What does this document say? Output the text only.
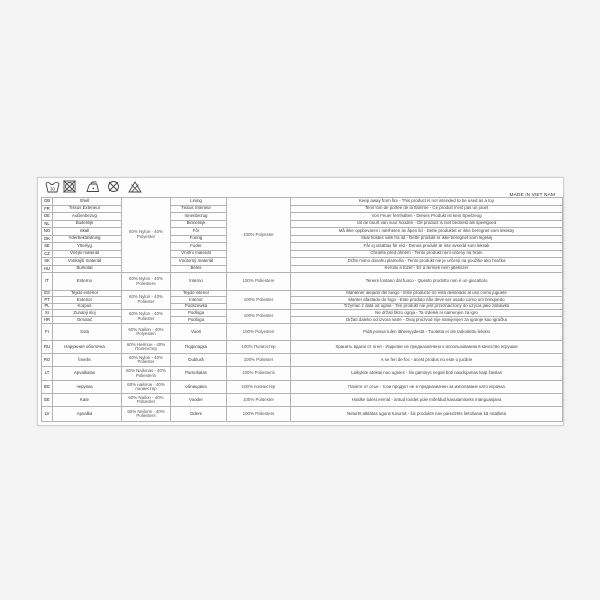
30
MADE IN VIET NAM
GB	Shell	60% Nylon - 40% Polyester	Lining	100% Polyester	Keep away from fire - This product is not intended to be used as a toy
FR	Tissus Exterieur		Tissus Interieur		Tenir loin de portée de la flamme - Ce produit n'est pas un jouet
DE	Außenbezug		Innenbezug		Von Feuer fernhalten - Dieses Produkt ist kein Spielzeug
NL	Buitenlijk		Binnenlijk		Uit de buurt van vuur houden - Dit product is niet bedoeld als speelgoed
NO	Skall		Fôr		Må ikke oppbevares i nærheten av åpen ild - Dette produktet er ikke beregnet som leketøy
DK	Yderbeklædning		Foring		Skal holdes væk fra ild - Dette produkt er ikke beregnet som legetøj
SE	Ytterlyg		Foder		Får ej utsättas för eld - Denna produkt är inte avsedd som leksak
CZ	Vnější materiál		Vnitřní materiál		Chraňte před ohněm - Tento produkt není určený na hraní
SK	Vonkajší materiál		Vnútorný materiál		Držte mimo dosahu plameňa - Tento produkt nie je určený na použitie ako hračka
HU	Burkolat		Bélés		Kerülni a tüzet - Ez a termék nem játékszer
IT	Esterno	60% Nylon - 40% Poliestere	Interno	100% Poliestere	Tenere lontano dal fuoco - Questo prodotto non è un giocattolo
ES	Tejido exterior	60% Nylon - 40% Poliester	Tejido interior	100% Poliester	Mantener alejado del fuego - Este producto no está destinado al uso como juguete
PT	Exterior		Interior		Manter afastado do fogo - Este produto não deve ser usado como um brinquedo
PL	Korpus		Podszewka		Trzymać z dala od ognia - Ten produkt nie jest przeznaczony do użycia jako zabawka
SI	Zunanji sloj	60% Nylon - 40% Poliester	Podloga	100% Poliester	Ne držati blizu ognja - Ta izdelek ni namenjen za igro
HR	Omotač		Podloga		Držati daleko od izvora vatre - Ovaj proizvod nije namijenjen za igranje kao igračka
FI	Sola	60% Nailon - 40% Polyesteri	Vuori	100% Polyesteri	Pidä poissa tulen läheisyydestä - Tuotetta ei ole tarkoitettu leluksi
RU	Наружная оболочка	60% Нейлон - 40% Полиэстер	Подкладка	100% Полиэстер	Хранить вдали от огня - Изделие не предназначено к использованию в качестве игрушки
RO	Învelis	60% Nylon - 40% Poliester	Dublură	100% Poliester	A se feri de foc - acest produs nu este o jucărie
LT	Apvalkalas	60% Nailonas - 40% Poliesteris	Pamušalas	100% Poliesteris	Laikykite atokiai nuo ugnies - šis gaminys negali būti naudojamas kaip žaislas
BG	черупка	60% найлон - 40% полиестер	облицовка	100% полиестер	Пазете от огън - този продукт не е предназначен за използване като играчка
EE	Kate	60% Nailon - 40% Polüester	Vooder	100% Polüester	Hoidke tulest eemal - antud toodet pole mõeldud kasutamiseks mänguasjana
LV	Apvalka	60% Neilons - 40% Poliesters	Odere	100% Poliesters	Neturēt atklātas uguns tuvumā - šis produkts nav paredzēts lietošanai kā rotaļlieta
